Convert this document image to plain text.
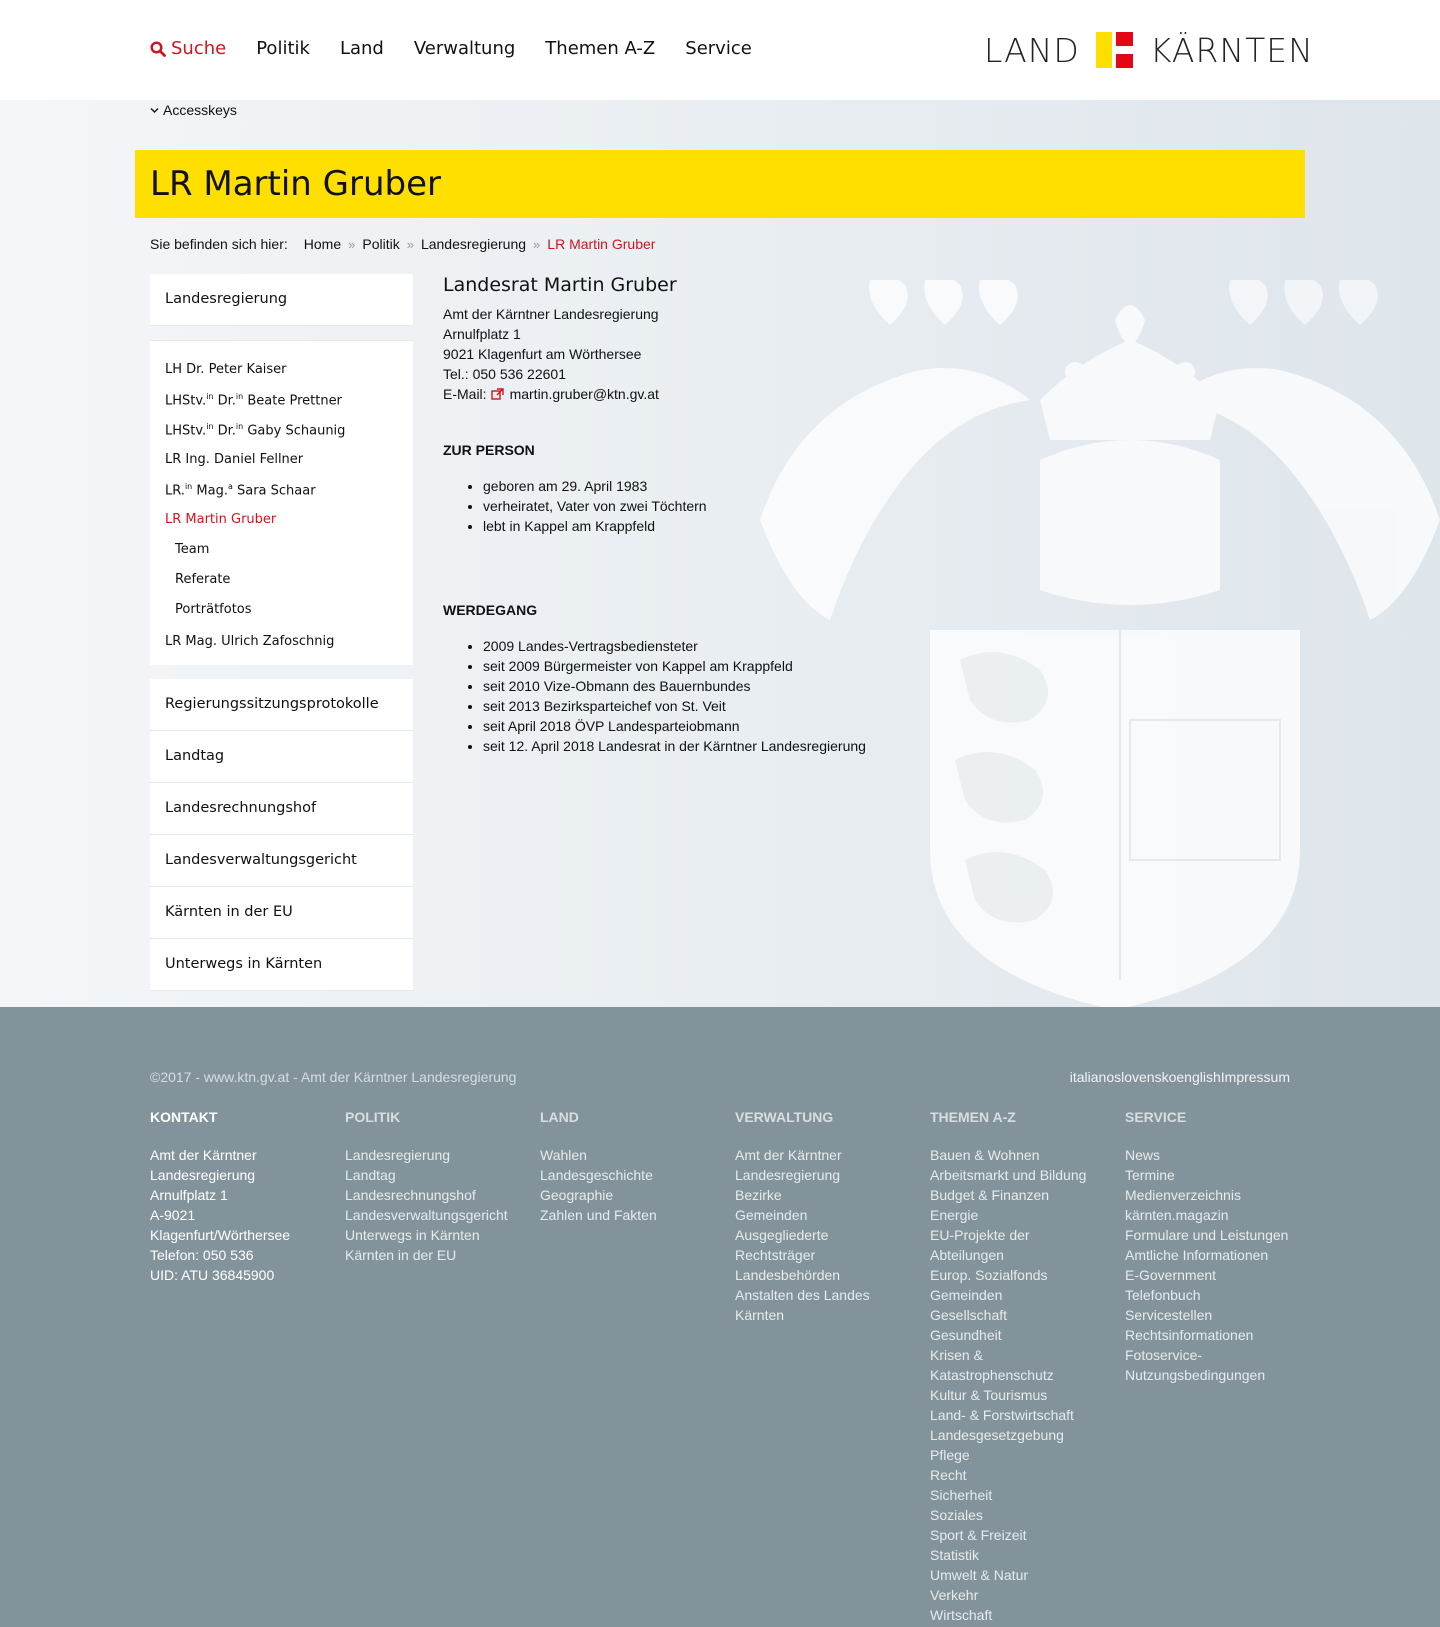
Suche Politik Land Verwaltung Themen A-Z Service	LAND KÄRNTEN
Accesskeys
LR Martin Gruber
Sie befinden sich hier: Home » Politik » Landesregierung » LR Martin Gruber
Landesregierung
LH Dr. Peter Kaiser
LHStv.$^{in}$ Dr.$^{in}$ Beate Prettner
LHStv.$^{in}$ Dr.$^{in}$ Gaby Schaunig
LR Ing. Daniel Fellner
LR.$^{in}$ Mag.$^a$ Sara Schaar
LR Martin Gruber
Team
Referate
Porträtfotos
LR Mag. Ulrich Zafoschnig
Regierungssitzungsprotokolle
Landtag
Landesrechnungshof
Landesverwaltungsgericht
Kärnten in der EU
Unterwegs in Kärnten
Landesrat Martin Gruber
Amt der Kärntner Landesregierung
Arnulfplatz 1
9021 Klagenfurt am Wörthersee
Tel.: 050 536 22601
E-Mail: martin.gruber@ktn.gv.at
ZUR PERSON
• geboren am 29. April 1983
• verheiratet, Vater von zwei Töchtern
• lebt in Kappel am Krappfeld
WERDEGANG
• 2009 Landes-Vertragsbediensteter
• seit 2009 Bürgermeister von Kappel am Krappfeld
• seit 2010 Vize-Obmann des Bauernbundes
• seit 2013 Bezirksparteichef von St. Veit
• seit April 2018 ÖVP Landesparteiobmann
• seit 12. April 2018 Landesrat in der Kärntner Landesregierung
©2017 - www.ktn.gv.at - Amt der Kärntner Landesregierung	italiano slovensko english Impressum
KONTAKT
Amt der Kärntner
Landesregierung
Arnulfplatz 1
A-9021
Klagenfurt/Wörthersee
Telefon: 050 536
UID: ATU 36845900
POLITIK
Landesregierung
Landtag
Landesrechnungshof
Landesverwaltungsgericht
Unterwegs in Kärnten
Kärnten in der EU
LAND
Wahlen
Landesgeschichte
Geographie
Zahlen und Fakten
VERWALTUNG
Amt der Kärntner
Landesregierung
Bezirke
Gemeinden
Ausgegliederte
Rechtsträger
Landesbehörden
Anstalten des Landes
Kärnten
THEMEN A-Z
Bauen & Wohnen
Arbeitsmarkt und Bildung
Budget & Finanzen
Energie
EU-Projekte der
Abteilungen
Europ. Sozialfonds
Gemeinden
Gesellschaft
Gesundheit
Krisen &
Katastrophenschutz
Kultur & Tourismus
Land- & Forstwirtschaft
Landesgesetzgebung
Pflege
Recht
Sicherheit
Soziales
Sport & Freizeit
Statistik
Umwelt & Natur
Verkehr
Wirtschaft
SERVICE
News
Termine
Medienverzeichnis
kärnten.magazin
Formulare und Leistungen
Amtliche Informationen
E-Government
Telefonbuch
Servicestellen
Rechtsinformationen
Fotoservice-
Nutzungsbedingungen
